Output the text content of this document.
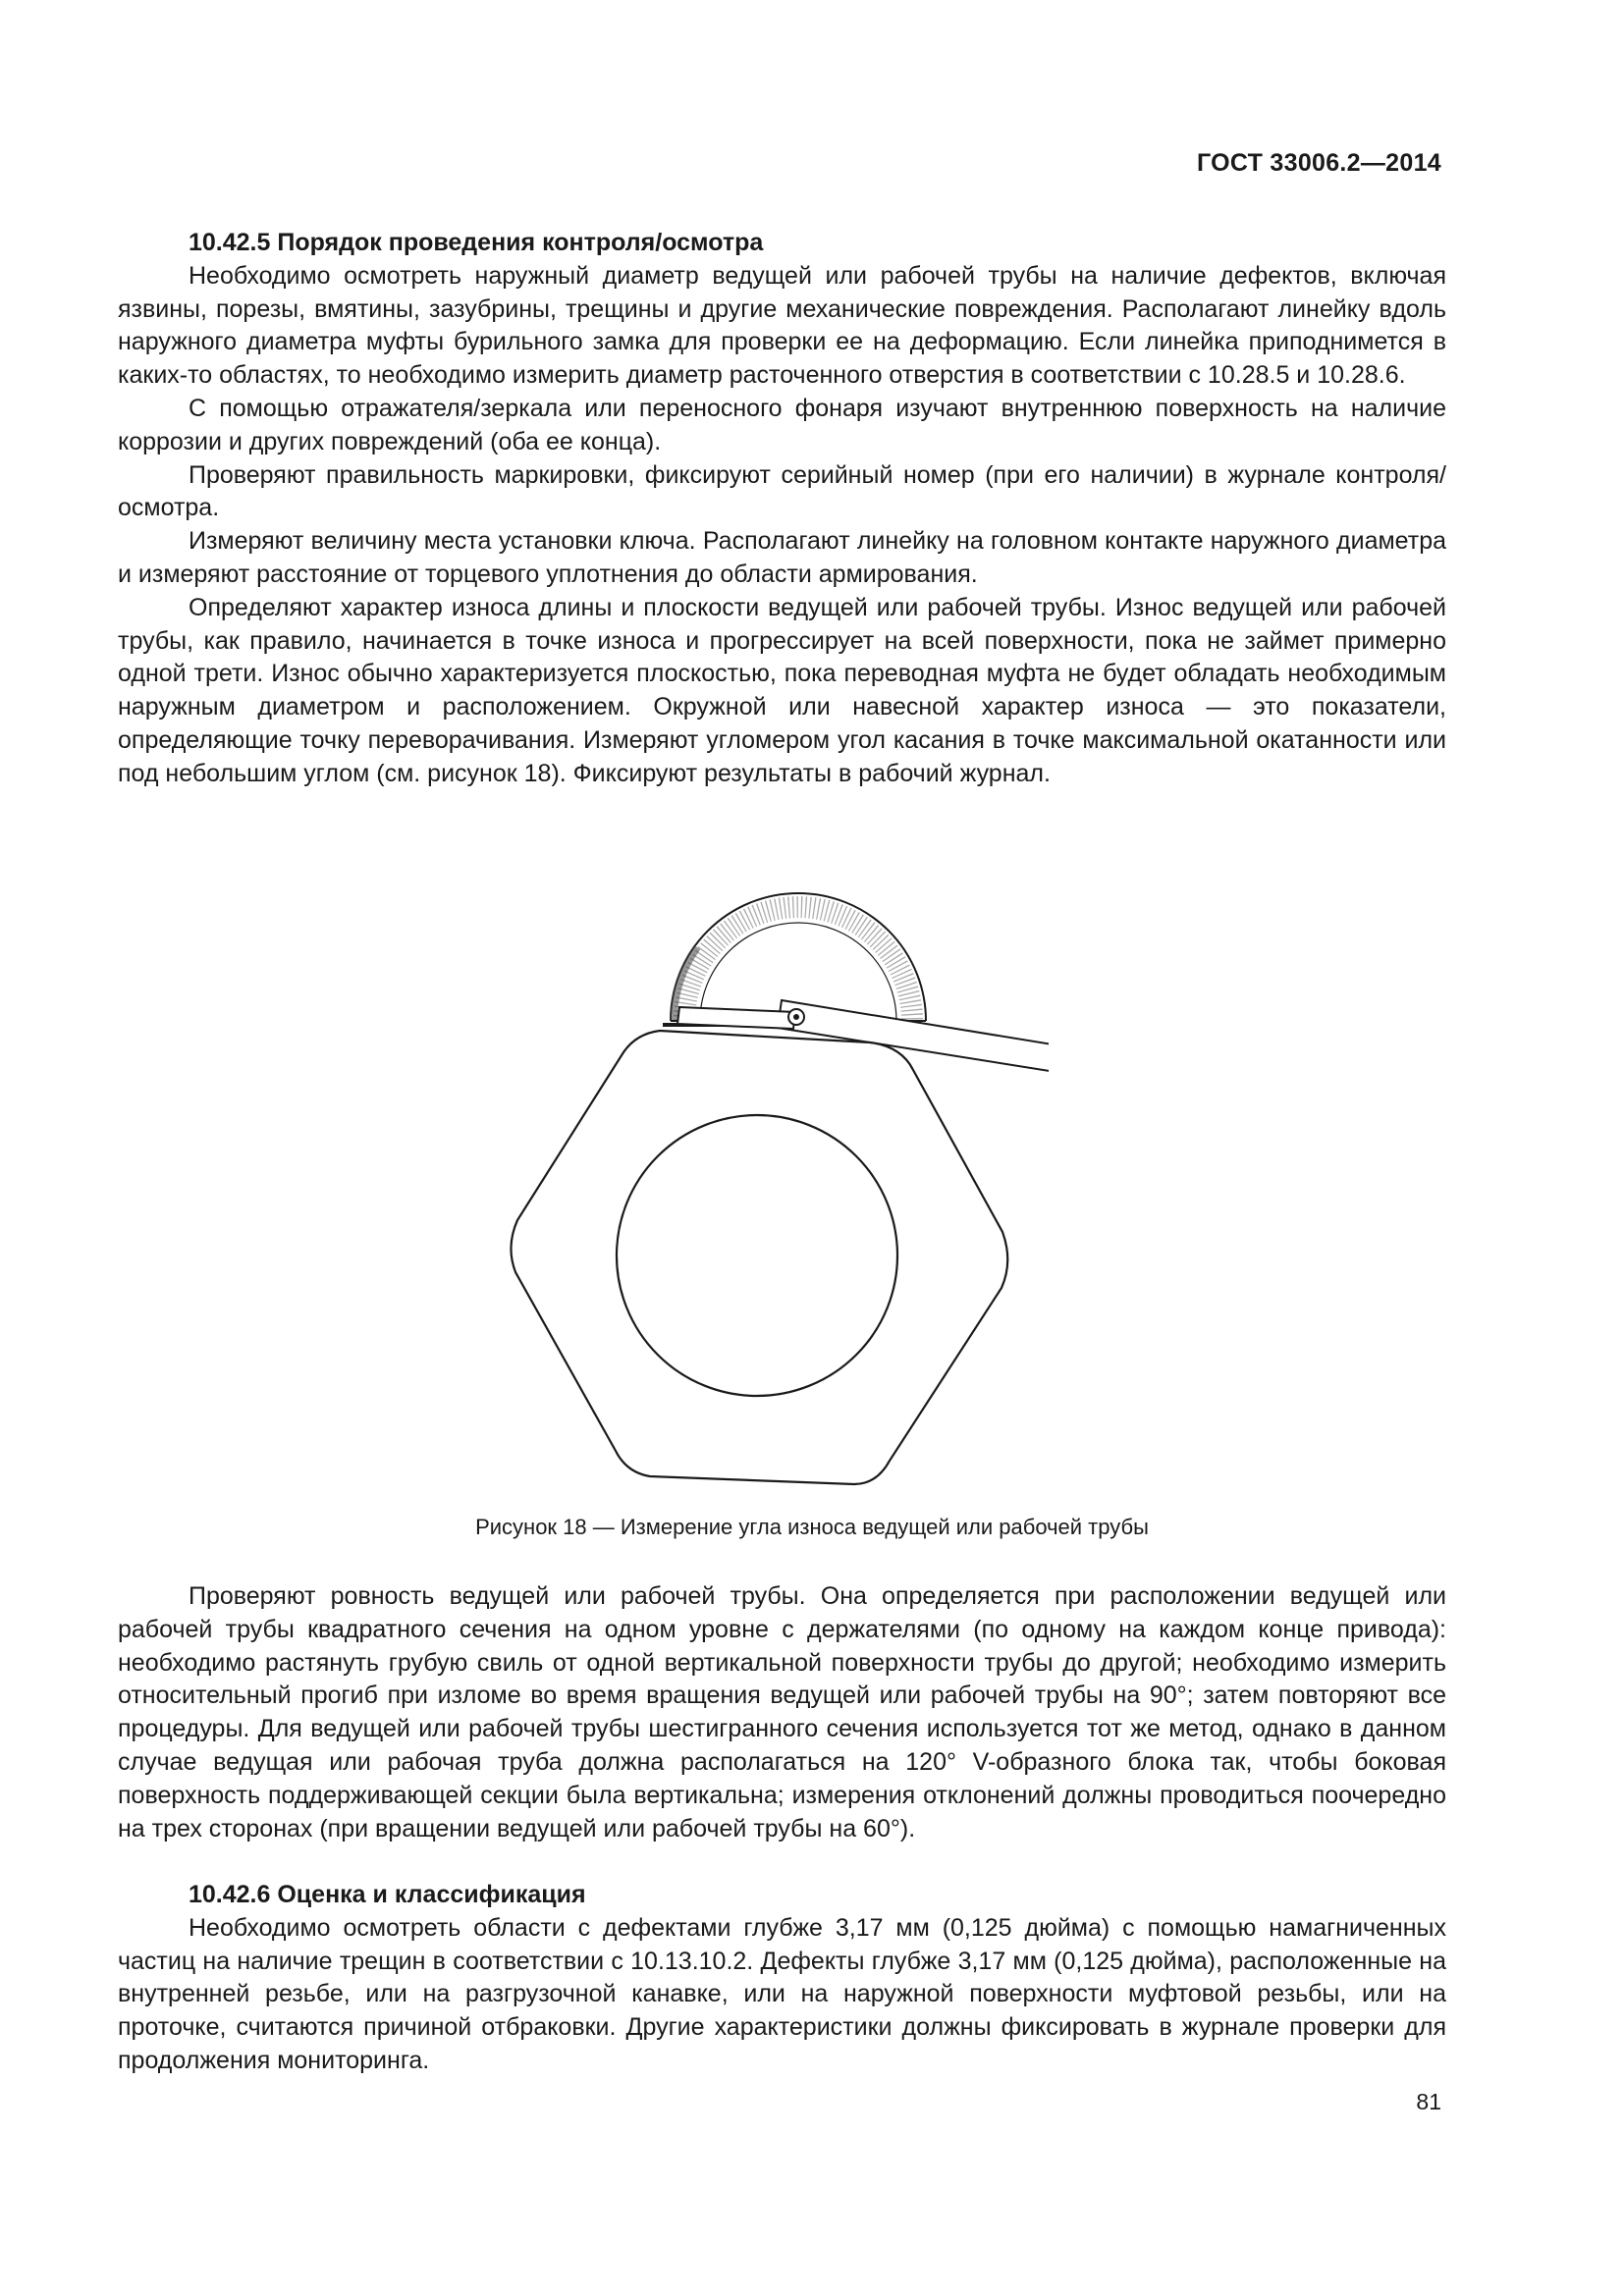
ГОСТ 33006.2—2014
10.42.5 Порядок проведения контроля/осмотра

Необходимо осмотреть наружный диаметр ведущей или рабочей трубы на наличие дефектов, включая язвины, порезы, вмятины, зазубрины, трещины и другие механические повреждения. Располагают линейку вдоль наружного диаметра муфты бурильного замка для проверки ее на деформацию. Если линейка приподнимется в каких-то областях, то необходимо измерить диаметр расточенного отверстия в соответствии с 10.28.5 и 10.28.6.

С помощью отражателя/зеркала или переносного фонаря изучают внутреннюю поверхность на наличие коррозии и других повреждений (оба ее конца).

Проверяют правильность маркировки, фиксируют серийный номер (при его наличии) в журнале контроля/осмотра.

Измеряют величину места установки ключа. Располагают линейку на головном контакте наружного диаметра и измеряют расстояние от торцевого уплотнения до области армирования.

Определяют характер износа длины и плоскости ведущей или рабочей трубы. Износ ведущей или рабочей трубы, как правило, начинается в точке износа и прогрессирует на всей поверхности, пока не займет примерно одной трети. Износ обычно характеризуется плоскостью, пока переводная муфта не будет обладать необходимым наружным диаметром и расположением. Окружной или навесной характер износа — это показатели, определяющие точку переворачивания. Измеряют угломером угол касания в точке максимальной окатанности или под небольшим углом (см. рисунок 18). Фиксируют результаты в рабочий журнал.

Рисунок 18 — Измерение угла износа ведущей или рабочей трубы

Проверяют ровность ведущей или рабочей трубы. Она определяется при расположении ведущей или рабочей трубы квадратного сечения на одном уровне с держателями (по одному на каждом конце привода): необходимо растянуть грубую свиль от одной вертикальной поверхности трубы до другой; необходимо измерить относительный прогиб при изломе во время вращения ведущей или рабочей трубы на 90°; затем повторяют все процедуры. Для ведущей или рабочей трубы шестигранного сечения используется тот же метод, однако в данном случае ведущая или рабочая труба должна располагаться на 120° V-образного блока так, чтобы боковая поверхность поддерживающей секции была вертикальна; измерения отклонений должны проводиться поочередно на трех сторонах (при вращении ведущей или рабочей трубы на 60°).

10.42.6 Оценка и классификация

Необходимо осмотреть области с дефектами глубже 3,17 мм (0,125 дюйма) с помощью намагниченных частиц на наличие трещин в соответствии с 10.13.10.2. Дефекты глубже 3,17 мм (0,125 дюйма), расположенные на внутренней резьбе, или на разгрузочной канавке, или на наружной поверхности муфтовой резьбы, или на проточке, считаются причиной отбраковки. Другие характеристики должны фиксировать в журнале проверки для продолжения мониторинга.

81
